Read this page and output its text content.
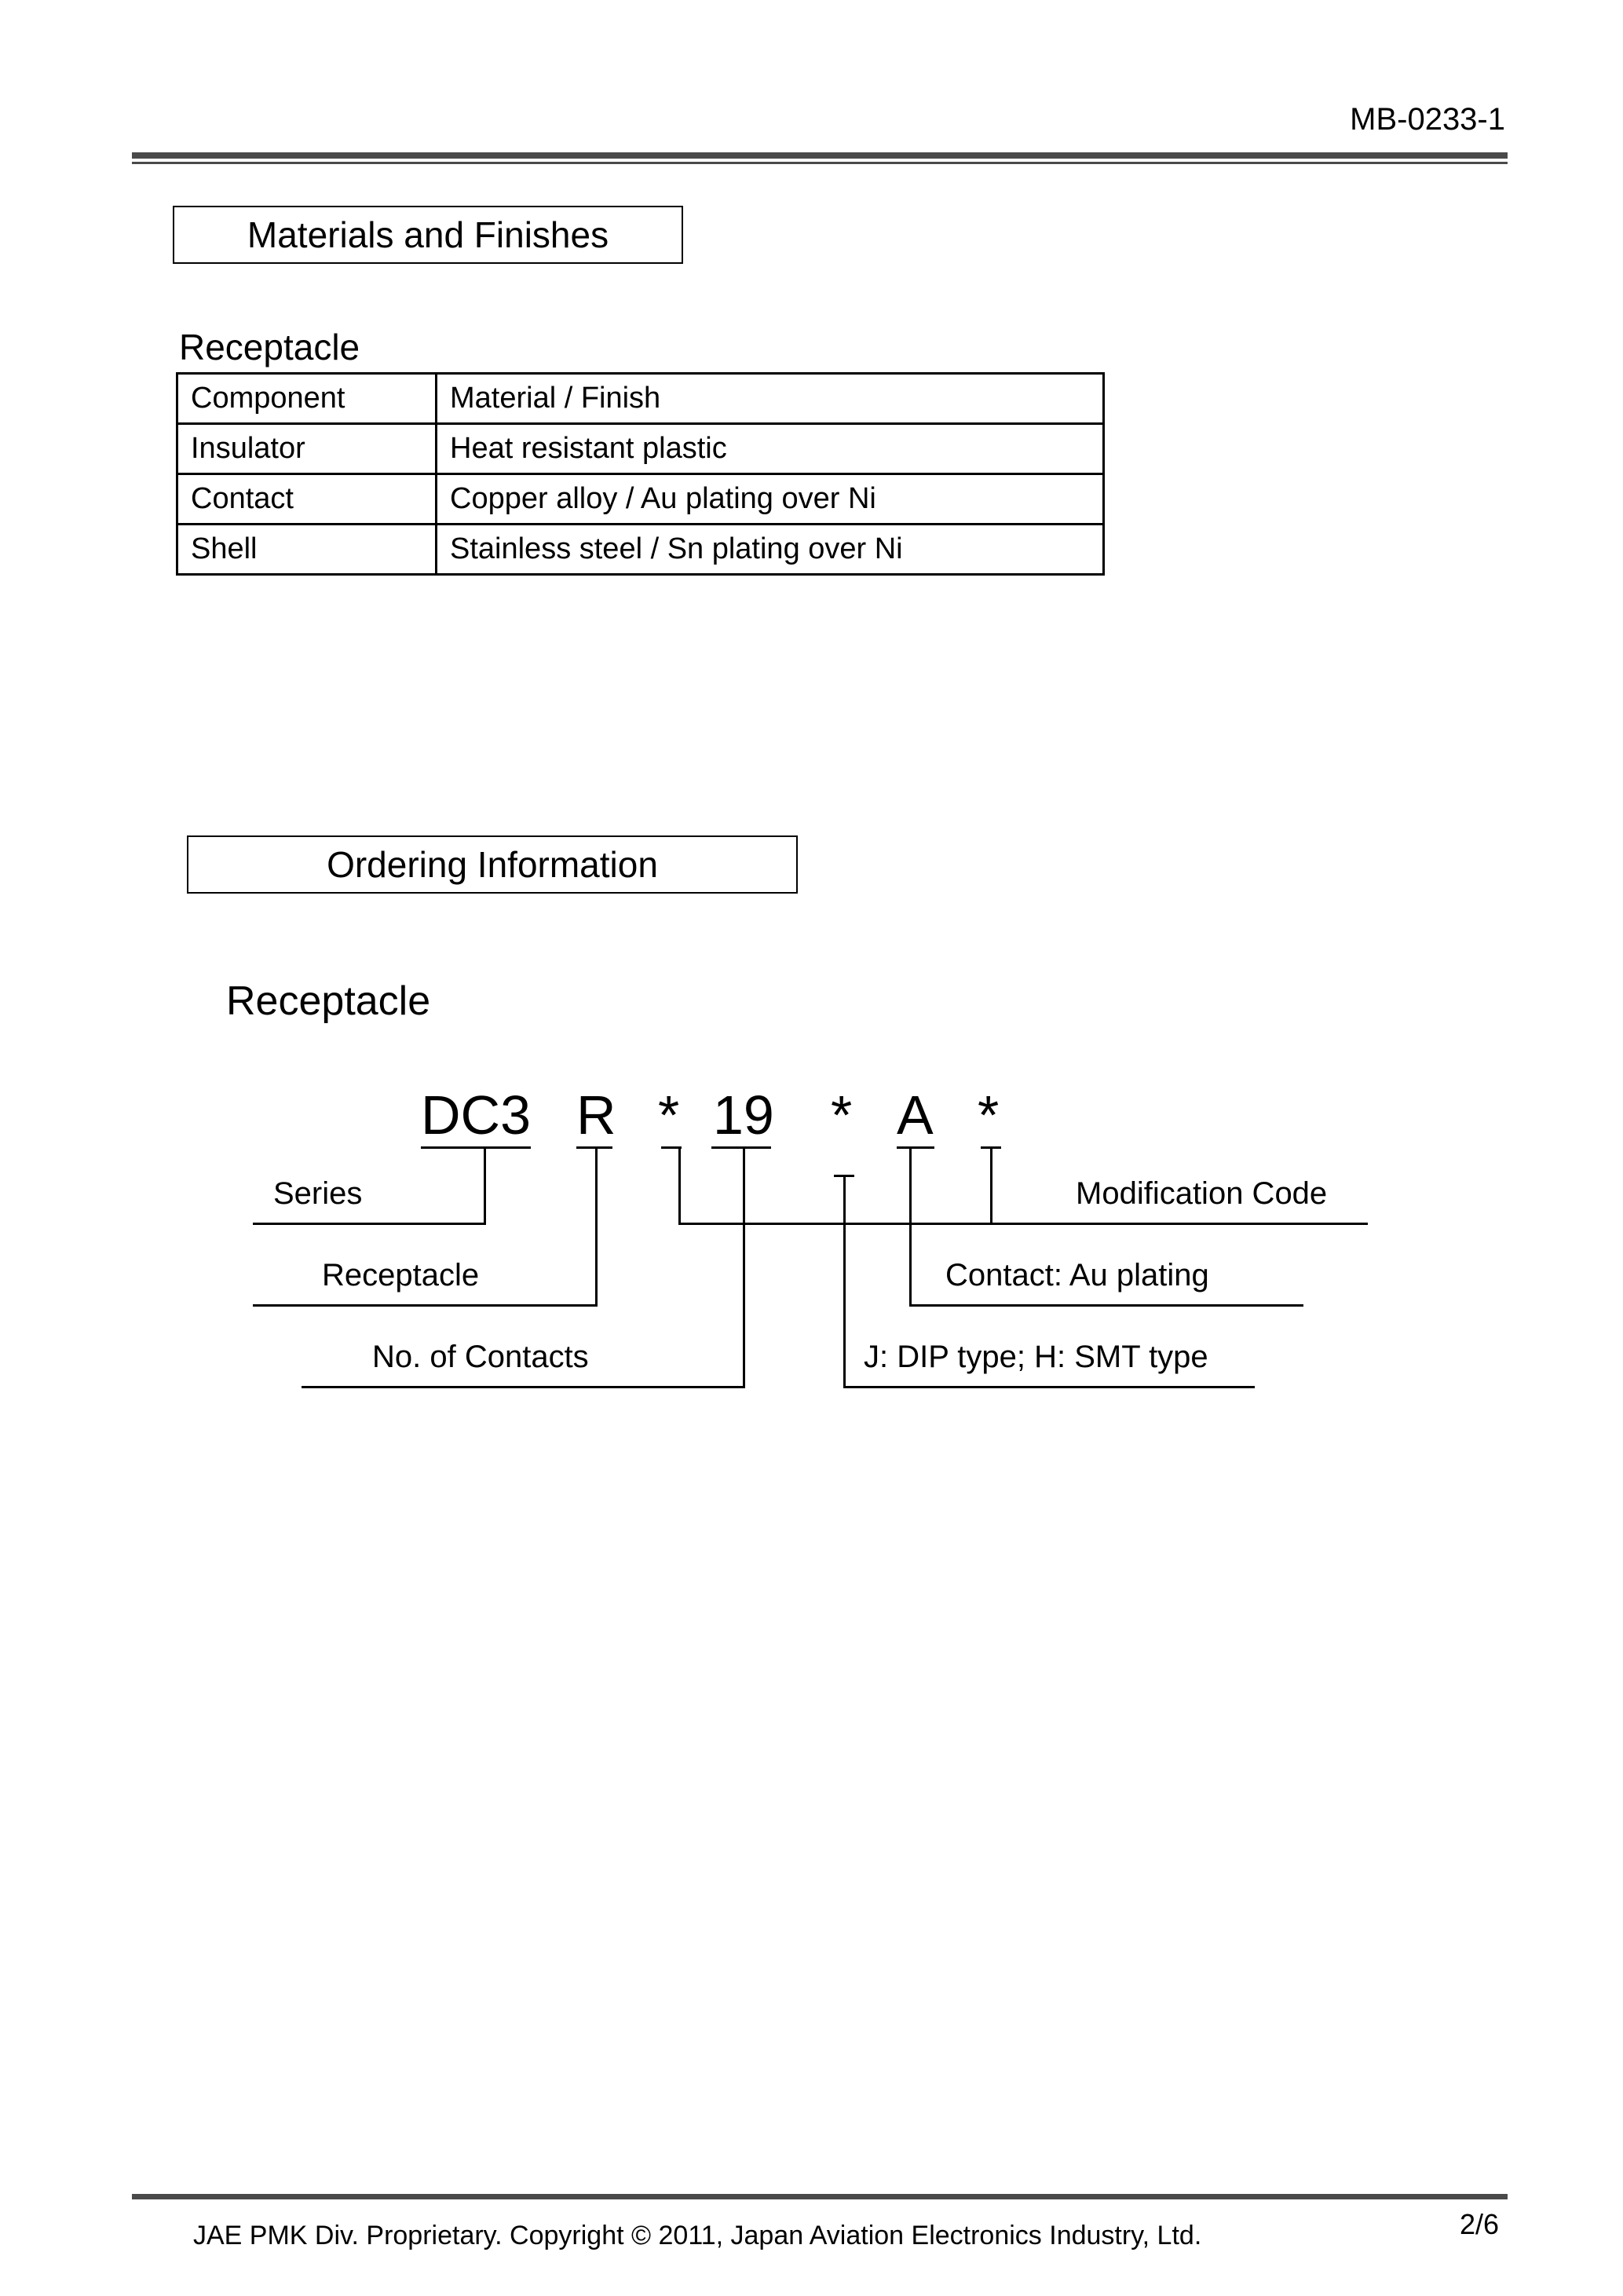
MB-0233-1
Materials and Finishes
Receptacle
Component	Material / Finish
Insulator	Heat resistant plastic
Contact	Copper alloy / Au plating over Ni
Shell	Stainless steel / Sn plating over Ni
Ordering Information
Receptacle
DC3 R * 19 * A *
Series
Receptacle
No. of Contacts
Modification Code
Contact: Au plating
J: DIP type; H: SMT type
JAE PMK Div. Proprietary. Copyright © 2011, Japan Aviation Electronics Industry, Ltd.	2/6
